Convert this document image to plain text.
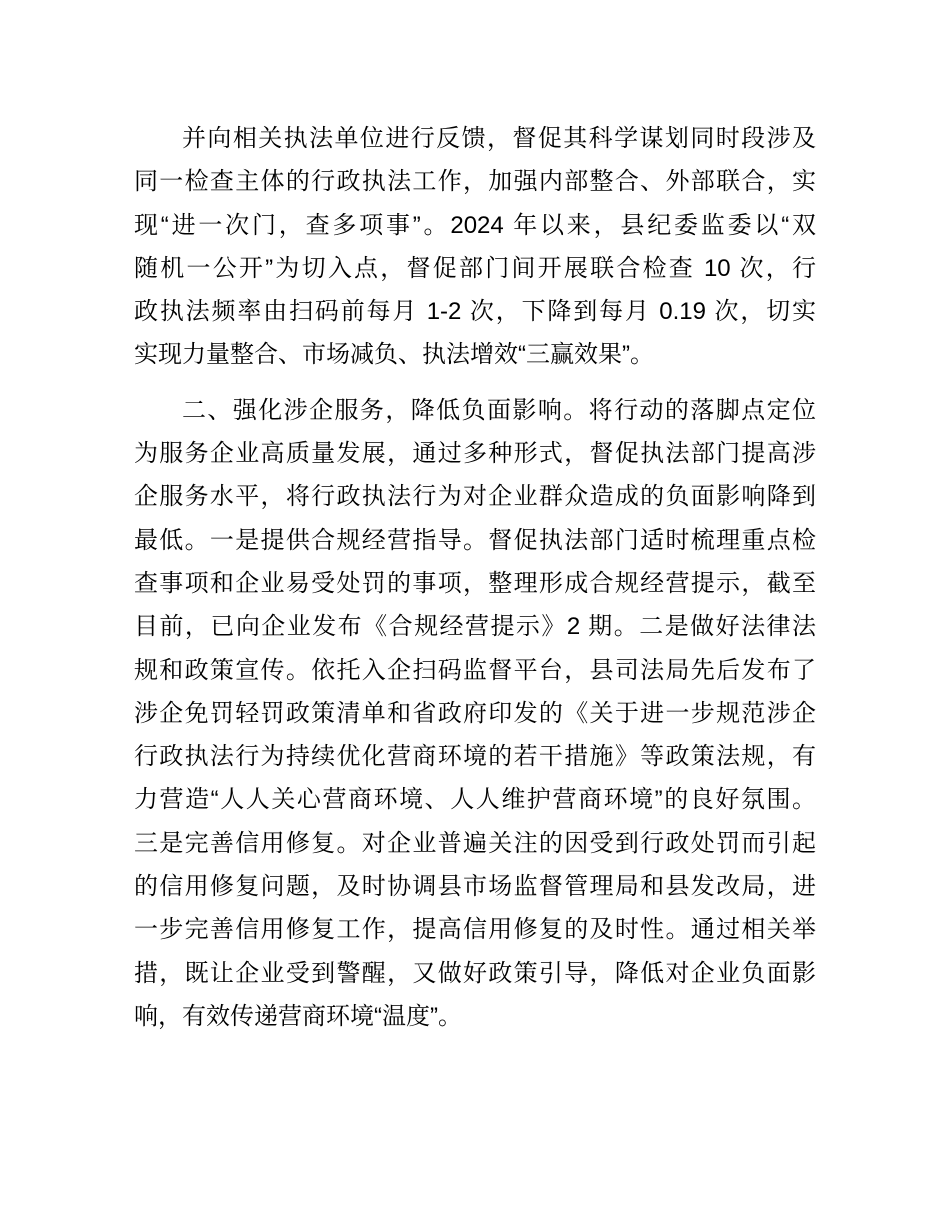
并向相关执法单位进行反馈，督促其科学谋划同时段涉及
同一检查主体的行政执法工作，加强内部整合、外部联合，实
现“进一次门，查多项事”。2024 年以来，县纪委监委以“双
随机一公开”为切入点，督促部门间开展联合检查 10 次，行
政执法频率由扫码前每月 1-2 次，下降到每月 0.19 次，切实
实现力量整合、市场减负、执法增效“三赢效果”。
二、强化涉企服务，降低负面影响。将行动的落脚点定位
为服务企业高质量发展，通过多种形式，督促执法部门提高涉
企服务水平，将行政执法行为对企业群众造成的负面影响降到
最低。一是提供合规经营指导。督促执法部门适时梳理重点检
查事项和企业易受处罚的事项，整理形成合规经营提示，截至
目前，已向企业发布《合规经营提示》2 期。二是做好法律法
规和政策宣传。依托入企扫码监督平台，县司法局先后发布了
涉企免罚轻罚政策清单和省政府印发的《关于进一步规范涉企
行政执法行为持续优化营商环境的若干措施》等政策法规，有
力营造“人人关心营商环境、人人维护营商环境”的良好氛围。
三是完善信用修复。对企业普遍关注的因受到行政处罚而引起
的信用修复问题，及时协调县市场监督管理局和县发改局，进
一步完善信用修复工作，提高信用修复的及时性。通过相关举
措，既让企业受到警醒，又做好政策引导，降低对企业负面影
响，有效传递营商环境“温度”。
